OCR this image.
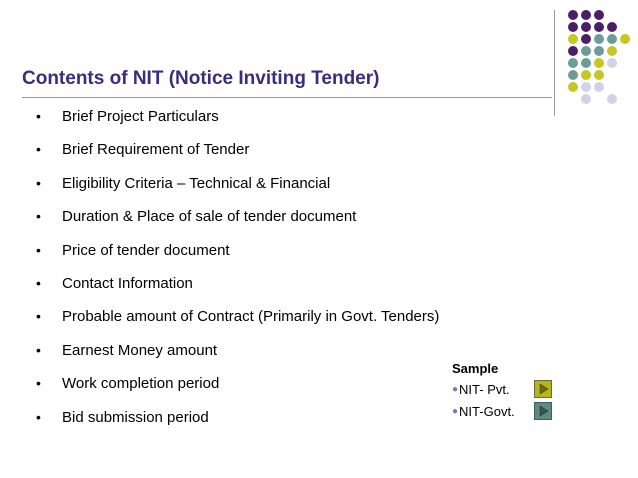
Contents of NIT (Notice Inviting Tender)
• Brief Project Particulars
• Brief Requirement of Tender
• Eligibility Criteria – Technical & Financial
• Duration & Place of sale of tender document
• Price of tender document
• Contact Information
• Probable amount of Contract (Primarily in Govt. Tenders)
• Earnest Money amount
• Work completion period
• Bid submission period
Sample
● NIT- Pvt.
● NIT-Govt.
